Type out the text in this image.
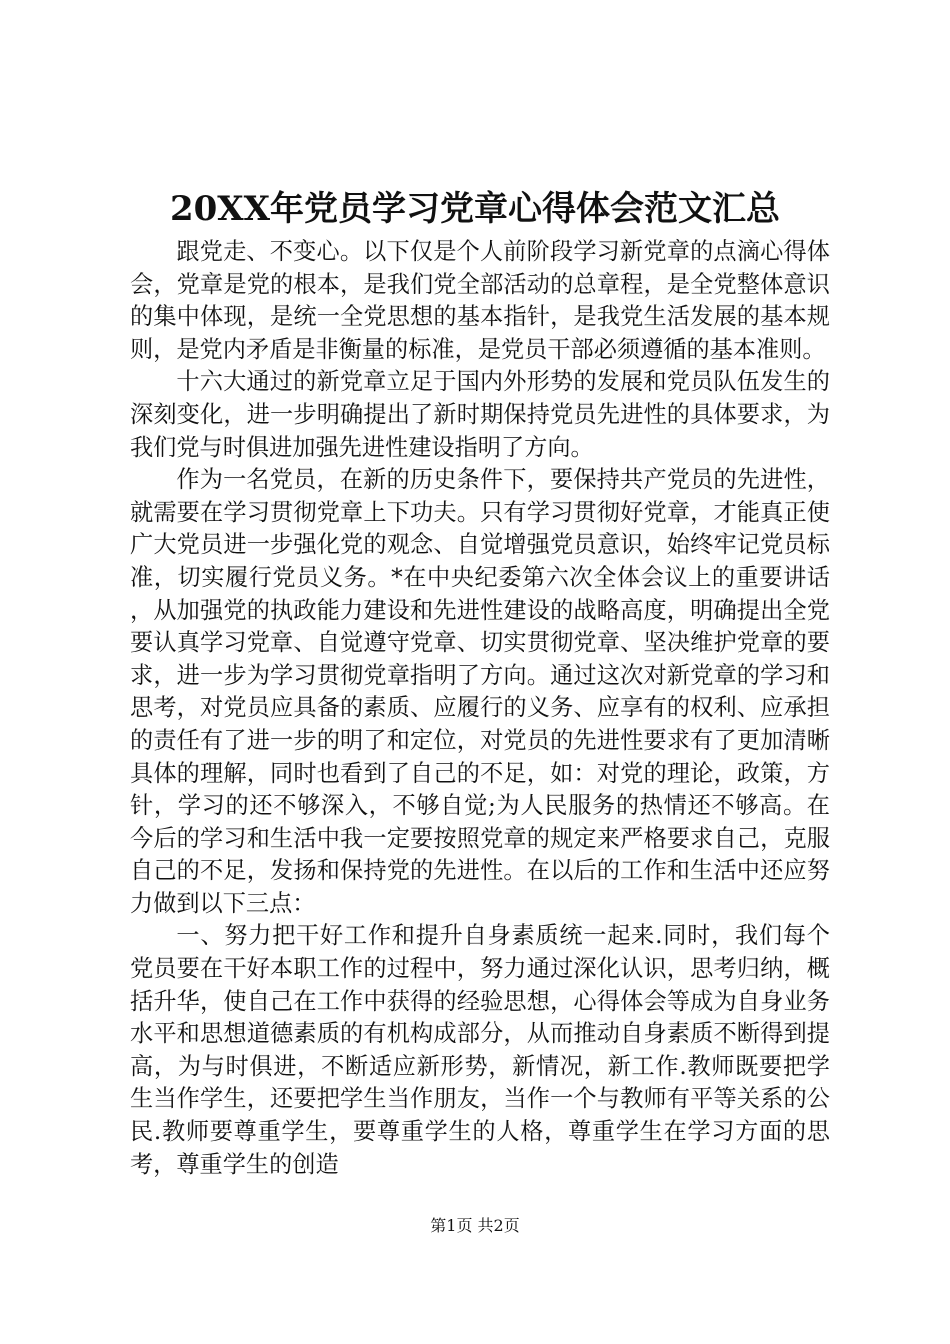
20XX年党员学习党章心得体会范文汇总

跟党走、不变心。以下仅是个人前阶段学习新党章的点滴心得体会，党章是党的根本，是我们党全部活动的总章程，是全党整体意识的集中体现，是统一全党思想的基本指针，是我党生活发展的基本规则，是党内矛盾是非衡量的标准，是党员干部必须遵循的基本准则。

十六大通过的新党章立足于国内外形势的发展和党员队伍发生的深刻变化，进一步明确提出了新时期保持党员先进性的具体要求，为我们党与时俱进加强先进性建设指明了方向。

作为一名党员，在新的历史条件下，要保持共产党员的先进性，就需要在学习贯彻党章上下功夫。只有学习贯彻好党章，才能真正使广大党员进一步强化党的观念、自觉增强党员意识，始终牢记党员标准，切实履行党员义务。*在中央纪委第六次全体会议上的重要讲话，从加强党的执政能力建设和先进性建设的战略高度，明确提出全党要认真学习党章、自觉遵守党章、切实贯彻党章、坚决维护党章的要求，进一步为学习贯彻党章指明了方向。通过这次对新党章的学习和思考，对党员应具备的素质、应履行的义务、应享有的权利、应承担的责任有了进一步的明了和定位，对党员的先进性要求有了更加清晰具体的理解，同时也看到了自己的不足，如：对党的理论，政策，方针，学习的还不够深入，不够自觉;为人民服务的热情还不够高。在今后的学习和生活中我一定要按照党章的规定来严格要求自己，克服自己的不足，发扬和保持党的先进性。在以后的工作和生活中还应努力做到以下三点：

一、努力把干好工作和提升自身素质统一起来.同时，我们每个党员要在干好本职工作的过程中，努力通过深化认识，思考归纳，概括升华，使自己在工作中获得的经验思想，心得体会等成为自身业务水平和思想道德素质的有机构成部分，从而推动自身素质不断得到提高，为与时俱进，不断适应新形势，新情况，新工作.教师既要把学生当作学生，还要把学生当作朋友，当作一个与教师有平等关系的公民.教师要尊重学生，要尊重学生的人格，尊重学生在学习方面的思考，尊重学生的创造

第1页 共2页
